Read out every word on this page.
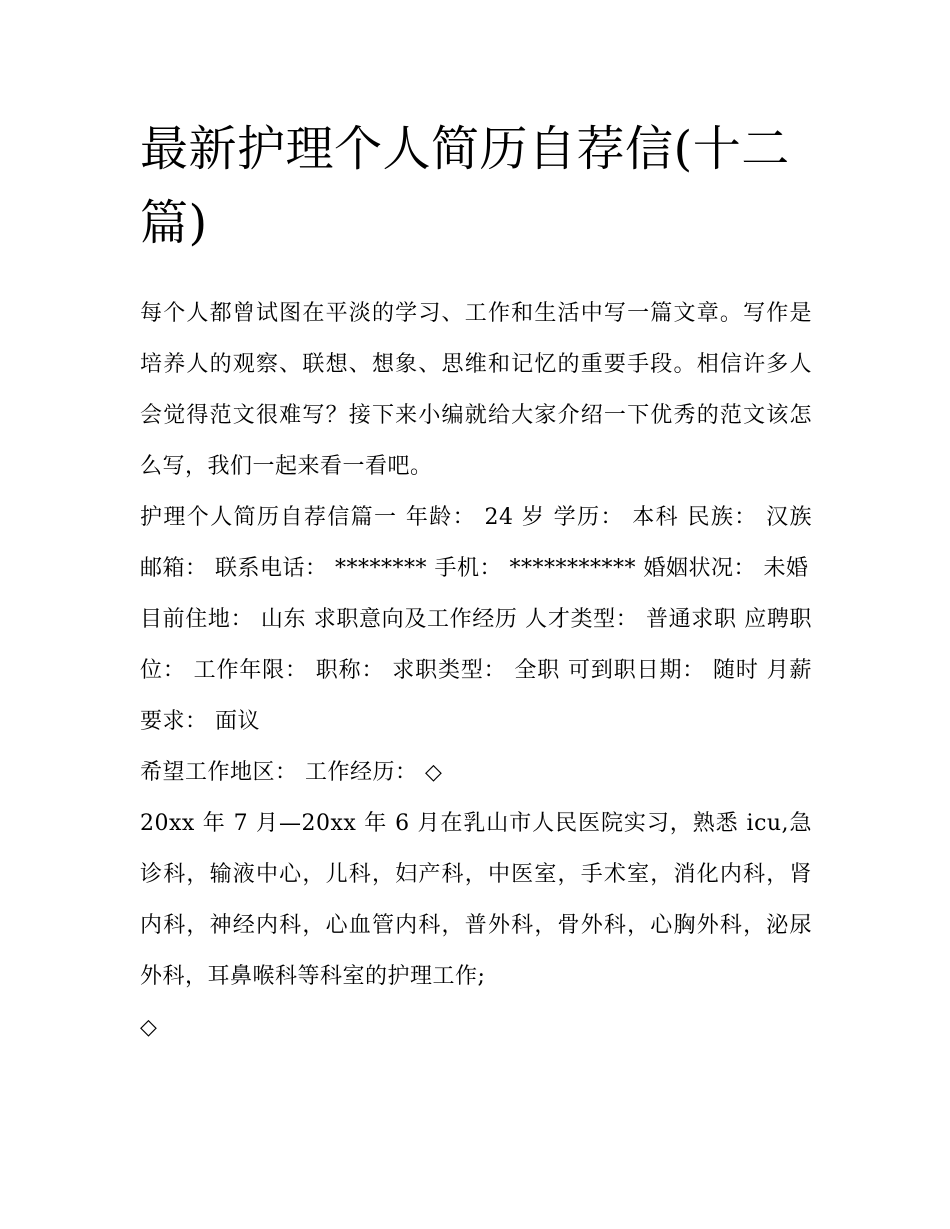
最新护理个人简历自荐信(十二篇)

每个人都曾试图在平淡的学习、工作和生活中写一篇文章。写作是培养人的观察、联想、想象、思维和记忆的重要手段。相信许多人会觉得范文很难写？接下来小编就给大家介绍一下优秀的范文该怎么写，我们一起来看一看吧。

护理个人简历自荐信篇一 年龄： 24 岁 学历： 本科 民族： 汉族 邮箱： 联系电话： ******** 手机： *********** 婚姻状况： 未婚

目前住地： 山东 求职意向及工作经历 人才类型： 普通求职 应聘职位： 工作年限： 职称： 求职类型： 全职 可到职日期： 随时 月薪要求： 面议

希望工作地区： 工作经历： ◇

20xx 年 7 月—20xx 年 6 月在乳山市人民医院实习，熟悉 icu,急诊科，输液中心，儿科，妇产科，中医室，手术室，消化内科，肾内科，神经内科，心血管内科，普外科，骨外科，心胸外科，泌尿外科，耳鼻喉科等科室的护理工作;

◇
